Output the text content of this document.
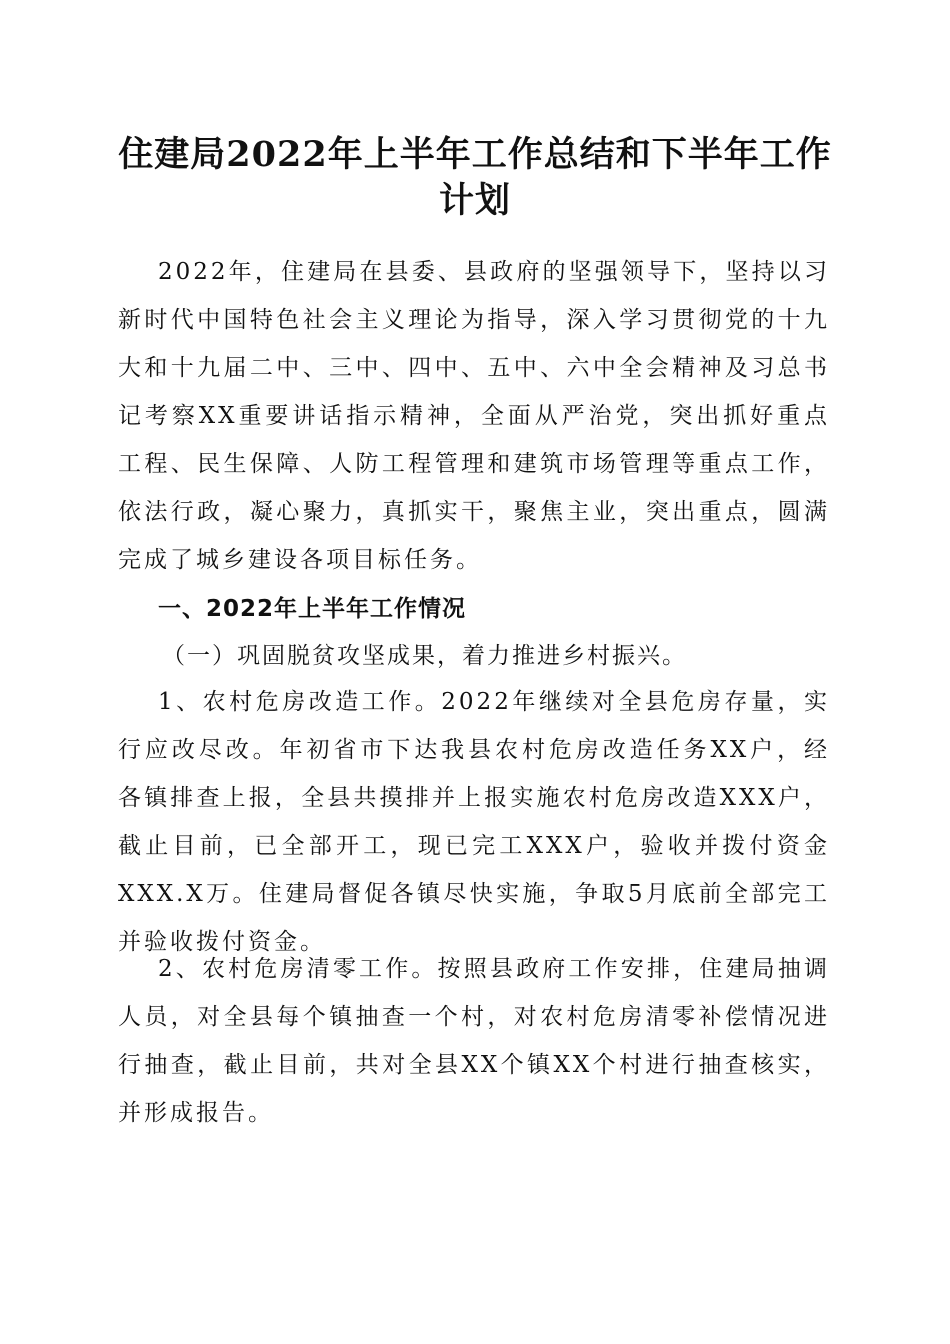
住建局2022年上半年工作总结和下半年工作计划

2022年，住建局在县委、县政府的坚强领导下，坚持以习新时代中国特色社会主义理论为指导，深入学习贯彻党的十九大和十九届二中、三中、四中、五中、六中全会精神及习总书记考察XX重要讲话指示精神，全面从严治党，突出抓好重点工程、民生保障、人防工程管理和建筑市场管理等重点工作，依法行政，凝心聚力，真抓实干，聚焦主业，突出重点，圆满完成了城乡建设各项目标任务。

一、2022年上半年工作情况

（一）巩固脱贫攻坚成果，着力推进乡村振兴。

1、农村危房改造工作。2022年继续对全县危房存量，实行应改尽改。年初省市下达我县农村危房改造任务XX户，经各镇排查上报，全县共摸排并上报实施农村危房改造XXX户，截止目前，已全部开工，现已完工XXX户，验收并拨付资金XXX.X万。住建局督促各镇尽快实施，争取5月底前全部完工并验收拨付资金。

2、农村危房清零工作。按照县政府工作安排，住建局抽调人员，对全县每个镇抽查一个村，对农村危房清零补偿情况进行抽查，截止目前，共对全县XX个镇XX个村进行抽查核实，并形成报告。
